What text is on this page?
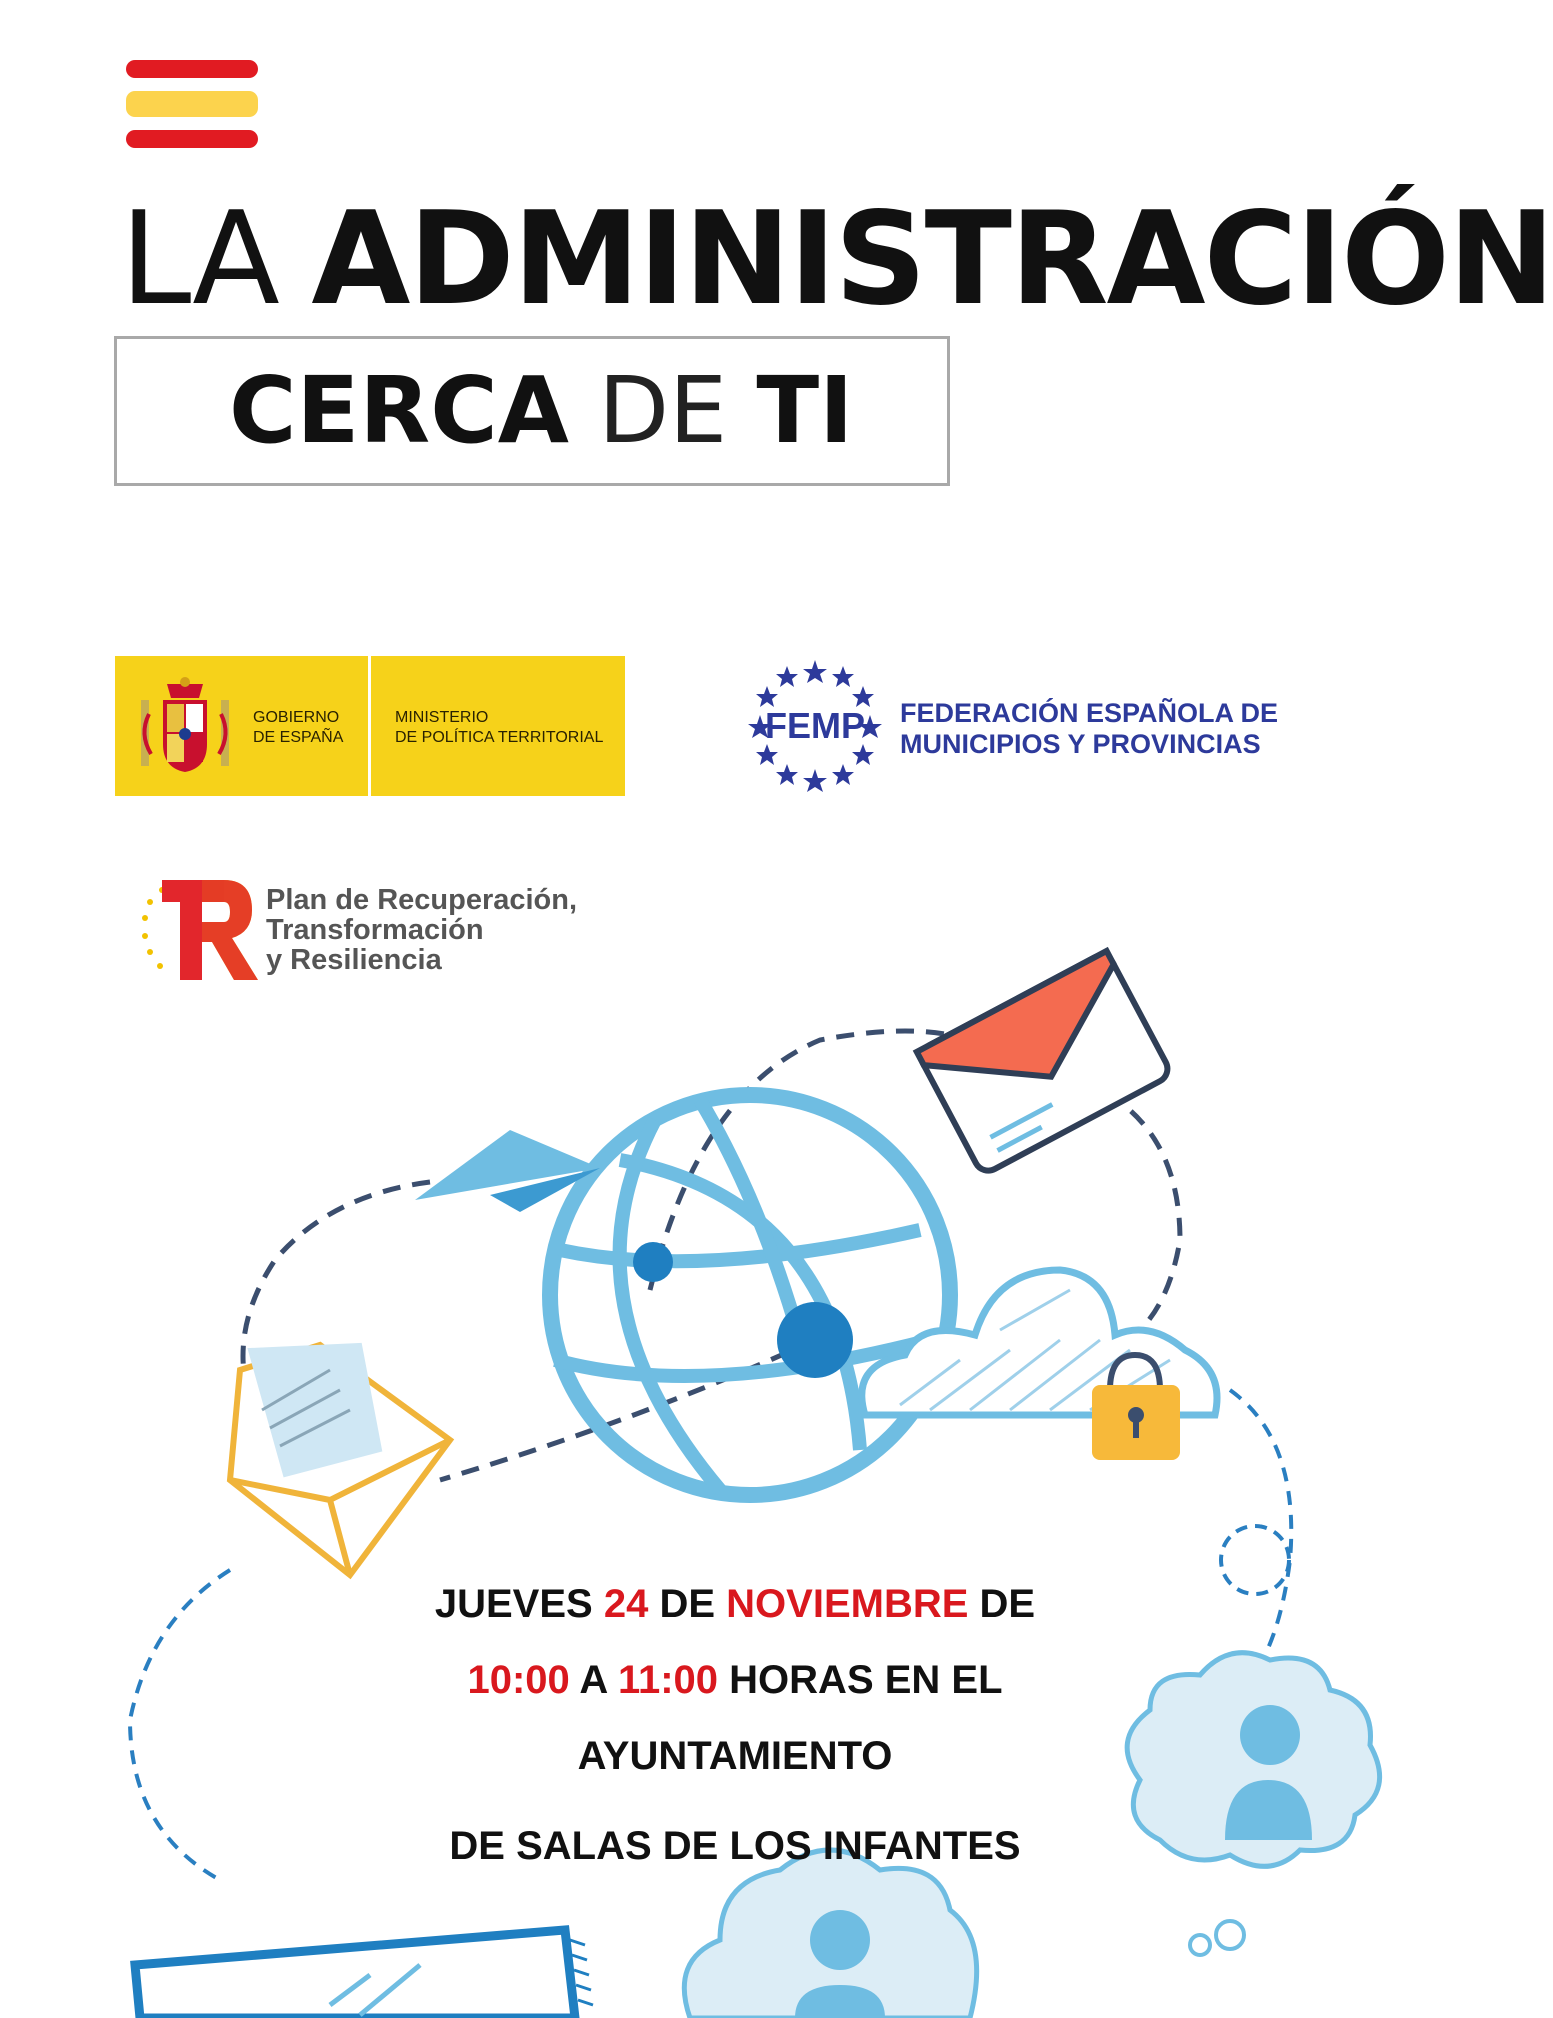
LA ADMINISTRACIÓN
CERCA DE TI
GOBIERNO
DE ESPAÑA
MINISTERIO
DE POLÍTICA TERRITORIAL	FEMP FEDERACIÓN ESPAÑOLA DE
MUNICIPIOS Y PROVINCIAS
Plan de Recuperación,
Transformación
y Resiliencia
JUEVES 24 DE NOVIEMBRE DE
10:00 A 11:00 HORAS EN EL
AYUNTAMIENTO
DE SALAS DE LOS INFANTES
